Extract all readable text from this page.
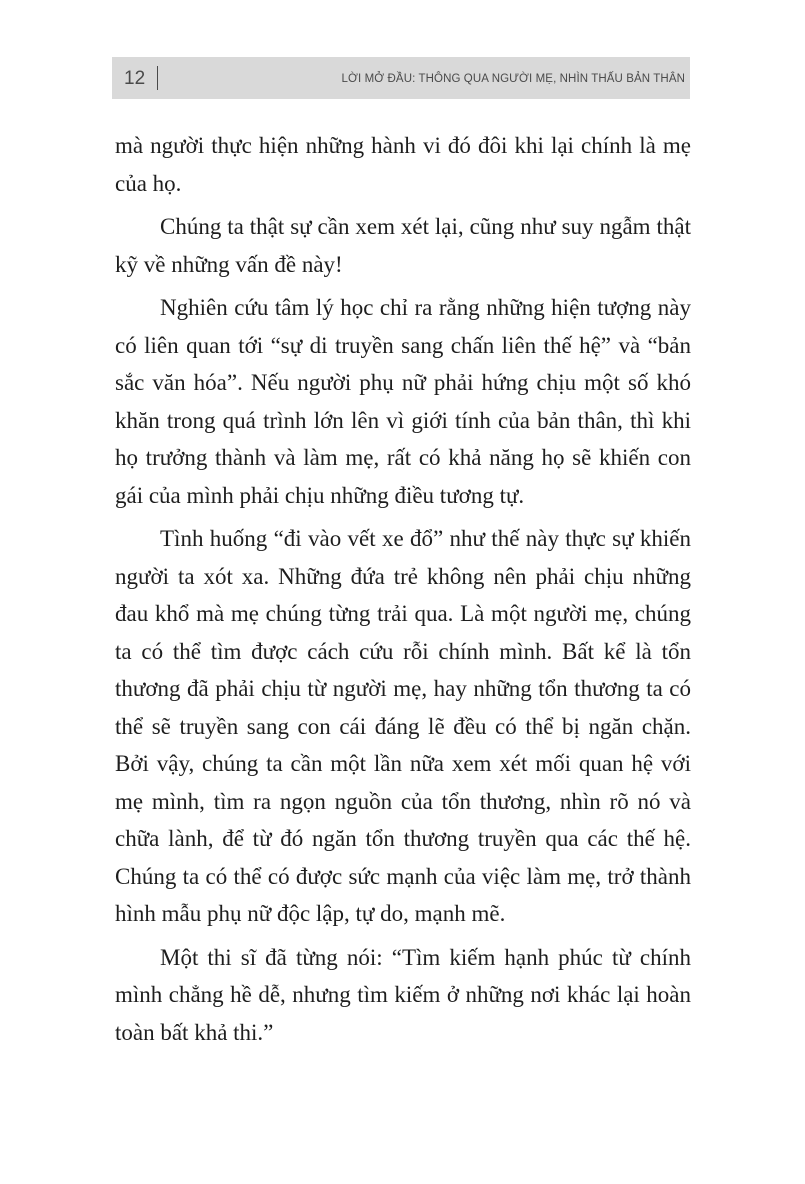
12	LỜI MỞ ĐẦU: THÔNG QUA NGƯỜI MẸ, NHÌN THẤU BẢN THÂN

mà người thực hiện những hành vi đó đôi khi lại chính là mẹ của họ.

Chúng ta thật sự cần xem xét lại, cũng như suy ngẫm thật kỹ về những vấn đề này!

Nghiên cứu tâm lý học chỉ ra rằng những hiện tượng này có liên quan tới “sự di truyền sang chấn liên thế hệ” và “bản sắc văn hóa”. Nếu người phụ nữ phải hứng chịu một số khó khăn trong quá trình lớn lên vì giới tính của bản thân, thì khi họ trưởng thành và làm mẹ, rất có khả năng họ sẽ khiến con gái của mình phải chịu những điều tương tự.

Tình huống “đi vào vết xe đổ” như thế này thực sự khiến người ta xót xa. Những đứa trẻ không nên phải chịu những đau khổ mà mẹ chúng từng trải qua. Là một người mẹ, chúng ta có thể tìm được cách cứu rỗi chính mình. Bất kể là tổn thương đã phải chịu từ người mẹ, hay những tổn thương ta có thể sẽ truyền sang con cái đáng lẽ đều có thể bị ngăn chặn. Bởi vậy, chúng ta cần một lần nữa xem xét mối quan hệ với mẹ mình, tìm ra ngọn nguồn của tổn thương, nhìn rõ nó và chữa lành, để từ đó ngăn tổn thương truyền qua các thế hệ. Chúng ta có thể có được sức mạnh của việc làm mẹ, trở thành hình mẫu phụ nữ độc lập, tự do, mạnh mẽ.

Một thi sĩ đã từng nói: “Tìm kiếm hạnh phúc từ chính mình chẳng hề dễ, nhưng tìm kiếm ở những nơi khác lại hoàn toàn bất khả thi.”
